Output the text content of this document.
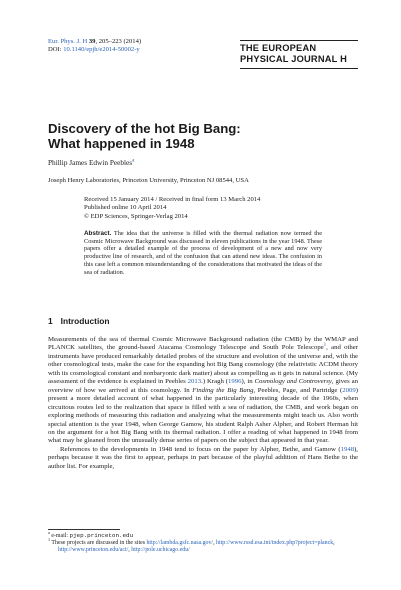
Eur. Phys. J. H 39, 205–223 (2014)
DOI: 10.1140/epjh/e2014-50002-y	THE EUROPEAN
PHYSICAL JOURNAL H
Discovery of the hot Big Bang:
What happened in 1948
Phillip James Edwin Peebles$^a$
Joseph Henry Laboratories, Princeton University, Princeton NJ 08544, USA
Received 15 January 2014 / Received in final form 13 March 2014
Published online 10 April 2014
© EDP Sciences, Springer-Verlag 2014
Abstract. The idea that the universe is filled with the thermal radiation now termed the Cosmic Microwave Background was discussed in eleven publications in the year 1948. These papers offer a detailed example of the process of development of a new and now very productive line of research, and of the confusion that can attend new ideas. The confusion in this case left a common misunderstanding of the considerations that motivated the ideas of the sea of radiation.
1 Introduction

Measurements of the sea of thermal Cosmic Microwave Background radiation (the CMB) by the WMAP and PLANCK satellites, the ground-based Atacama Cosmology Telescope and South Pole Telescope$^1$, and other instruments have produced remarkably detailed probes of the structure and evolution of the universe and, with the other cosmological tests, make the case for the expanding hot Big Bang cosmology (the relativistic ΛCDM theory with its cosmological constant and nonbaryonic dark matter) about as compelling as it gets in natural science. (My assessment of the evidence is explained in Peebles 2013.) Kragh (1996), in Cosmology and Controversy, gives an overview of how we arrived at this cosmology. In Finding the Big Bang, Peebles, Page, and Partridge (2009) present a more detailed account of what happened in the particularly interesting decade of the 1960s, when circuitous routes led to the realization that space is filled with a sea of radiation, the CMB, and work began on exploring methods of measuring this radiation and analyzing what the measurements might teach us. Also worth special attention is the year 1948, when George Gamow, his student Ralph Asher Alpher, and Robert Herman hit on the argument for a hot Big Bang with its thermal radiation. I offer a reading of what happened in 1948 from what may be gleaned from the unusually dense series of papers on the subject that appeared in that year.

References to the developments in 1948 tend to focus on the paper by Alpher, Bethe, and Gamow (1948), perhaps because it was the first to appear, perhaps in part because of the playful addition of Hans Bethe to the author list. For example,

$^a$ e-mail: pjep.princeton.edu
$^1$ These projects are discussed in the sites http://lambda.gsfc.nasa.gov/, http://www.rssd.esa.int/index.php?project=planck, http://www.princeton.edu/act/, http://pole.uchicago.edu/
